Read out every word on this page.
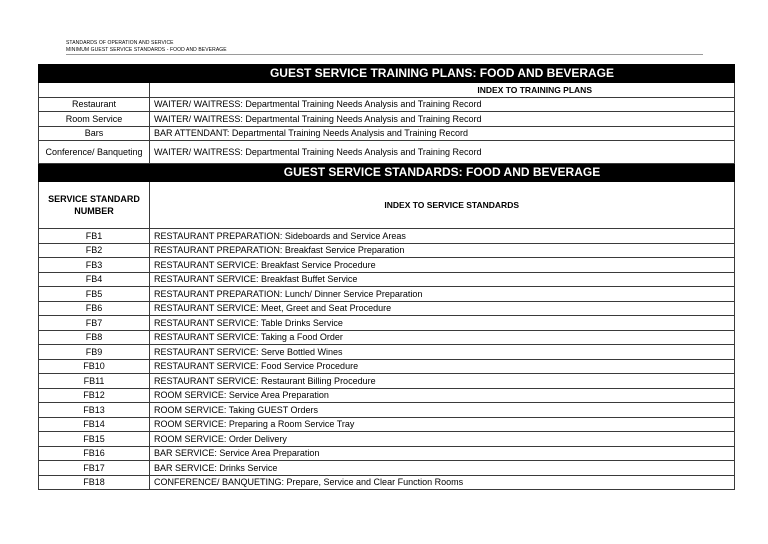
STANDARDS OF OPERATION AND SERVICE
MINIMUM GUEST SERVICE STANDARDS - FOOD AND BEVERAGE
	GUEST SERVICE TRAINING PLANS: FOOD AND BEVERAGE
	INDEX TO TRAINING PLANS
Restaurant	WAITER/ WAITRESS: Departmental Training Needs Analysis and Training Record
Room Service	WAITER/ WAITRESS: Departmental Training Needs Analysis and Training Record
Bars	BAR ATTENDANT: Departmental Training Needs Analysis and Training Record
Conference/ Banqueting	WAITER/ WAITRESS: Departmental Training Needs Analysis and Training Record
	GUEST SERVICE STANDARDS: FOOD AND BEVERAGE
SERVICE STANDARD NUMBER	INDEX TO SERVICE STANDARDS
FB1	RESTAURANT PREPARATION: Sideboards and Service Areas
FB2	RESTAURANT PREPARATION: Breakfast Service Preparation
FB3	RESTAURANT SERVICE: Breakfast Service Procedure
FB4	RESTAURANT SERVICE: Breakfast Buffet Service
FB5	RESTAURANT PREPARATION: Lunch/ Dinner Service Preparation
FB6	RESTAURANT SERVICE: Meet, Greet and Seat Procedure
FB7	RESTAURANT SERVICE: Table Drinks Service
FB8	RESTAURANT SERVICE: Taking a Food Order
FB9	RESTAURANT SERVICE: Serve Bottled Wines
FB10	RESTAURANT SERVICE: Food Service Procedure
FB11	RESTAURANT SERVICE: Restaurant Billing Procedure
FB12	ROOM SERVICE: Service Area Preparation
FB13	ROOM SERVICE: Taking GUEST Orders
FB14	ROOM SERVICE: Preparing a Room Service Tray
FB15	ROOM SERVICE: Order Delivery
FB16	BAR SERVICE: Service Area Preparation
FB17	BAR SERVICE: Drinks Service
FB18	CONFERENCE/ BANQUETING: Prepare, Service and Clear Function Rooms
